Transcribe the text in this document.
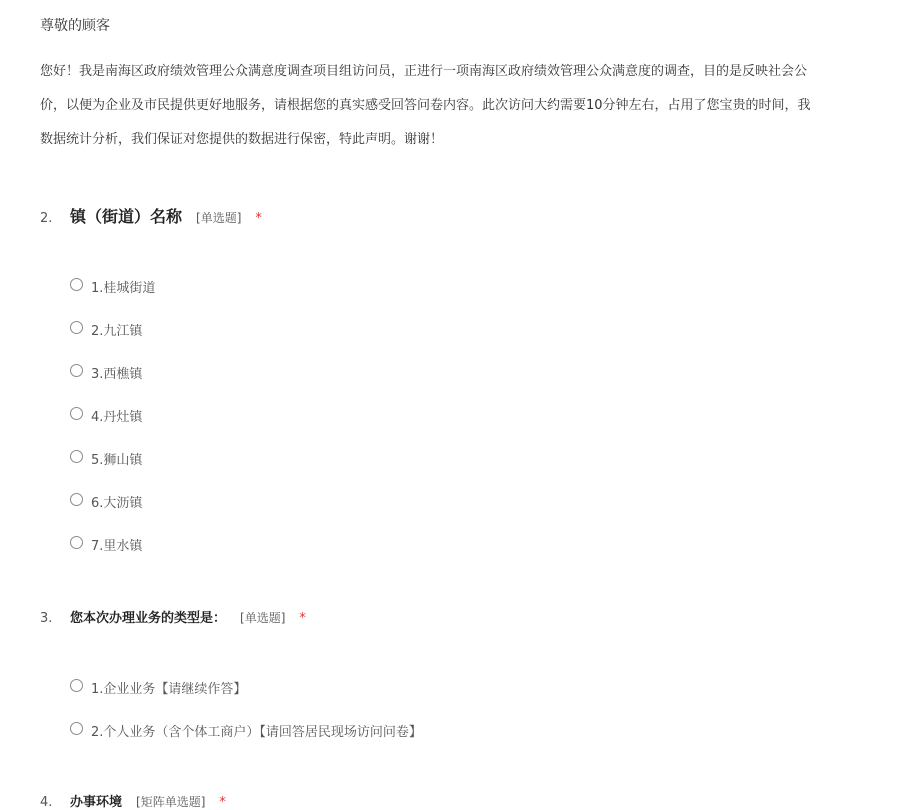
尊敬的顾客
您好！我是南海区政府绩效管理公众满意度调查项目组访问员，正进行一项南海区政府绩效管理公众满意度的调查，目的是反映社会公
价，以便为企业及市民提供更好地服务，请根据您的真实感受回答问卷内容。此次访问大约需要10分钟左右，占用了您宝贵的时间，我
数据统计分析，我们保证对您提供的数据进行保密，特此声明。谢谢！
2. 镇（街道）名称 [单选题] *
1.桂城街道
2.九江镇
3.西樵镇
4.丹灶镇
5.狮山镇
6.大沥镇
7.里水镇
3. 您本次办理业务的类型是： [单选题] *
1.企业业务【请继续作答】
2.个人业务（含个体工商户）【请回答居民现场访问问卷】
4. 办事环境 [矩阵单选题] *
